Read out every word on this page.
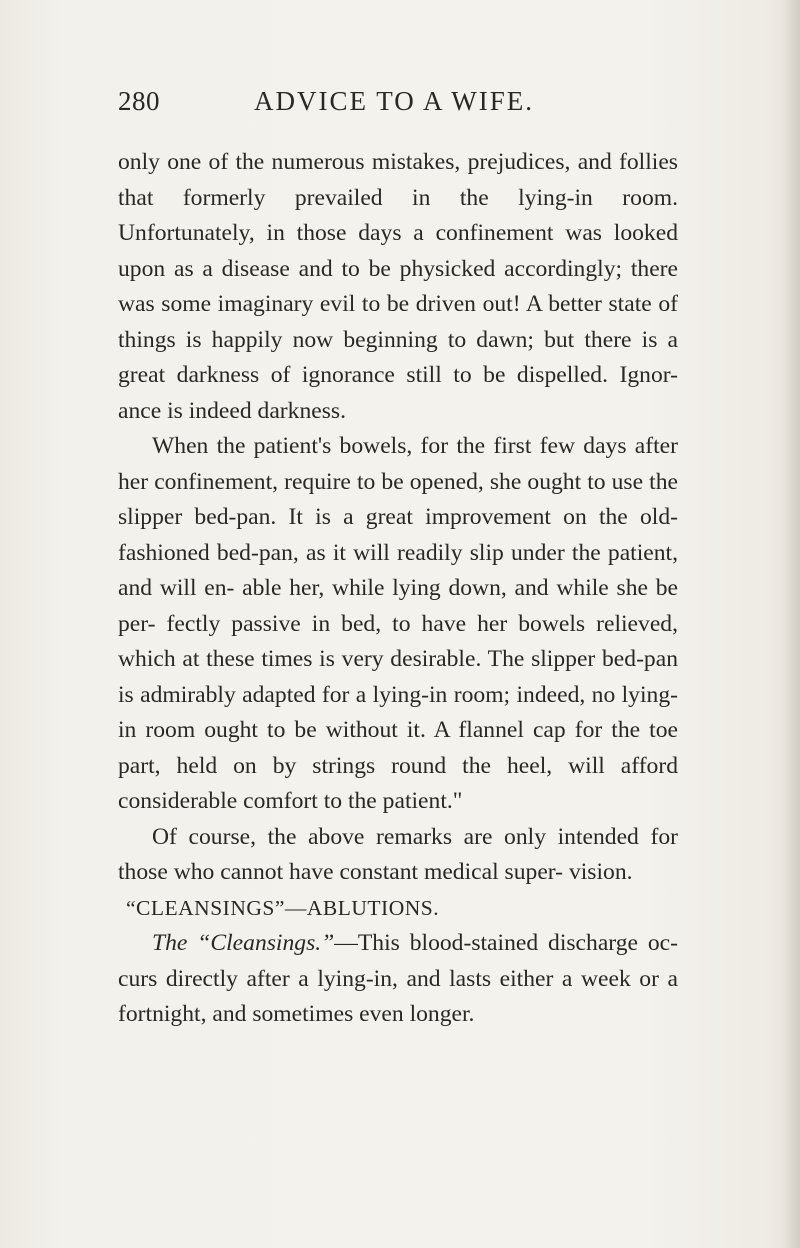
280	ADVICE TO A WIFE.

only one of the numerous mistakes, prejudices, and follies that formerly prevailed in the lying-in room. Unfortunately, in those days a confinement was looked upon as a disease and to be physicked accordingly; there was some imaginary evil to be driven out! A better state of things is happily now beginning to dawn; but there is a great darkness of ignorance still to be dispelled. Ignor- ance is indeed darkness.

When the patient's bowels, for the first few days after her confinement, require to be opened, she ought to use the slipper bed-pan. It is a great improvement on the old-fashioned bed-pan, as it will readily slip under the patient, and will en- able her, while lying down, and while she be per- fectly passive in bed, to have her bowels relieved, which at these times is very desirable. The slipper bed-pan is admirably adapted for a lying-in room; indeed, no lying-in room ought to be without it. A flannel cap for the toe part, held on by strings round the heel, will afford considerable comfort to the patient."

Of course, the above remarks are only intended for those who cannot have constant medical super- vision.

“CLEANSINGS”—ABLUTIONS.

The “Cleansings.”—This blood-stained discharge oc- curs directly after a lying-in, and lasts either a week or a fortnight, and sometimes even longer.
